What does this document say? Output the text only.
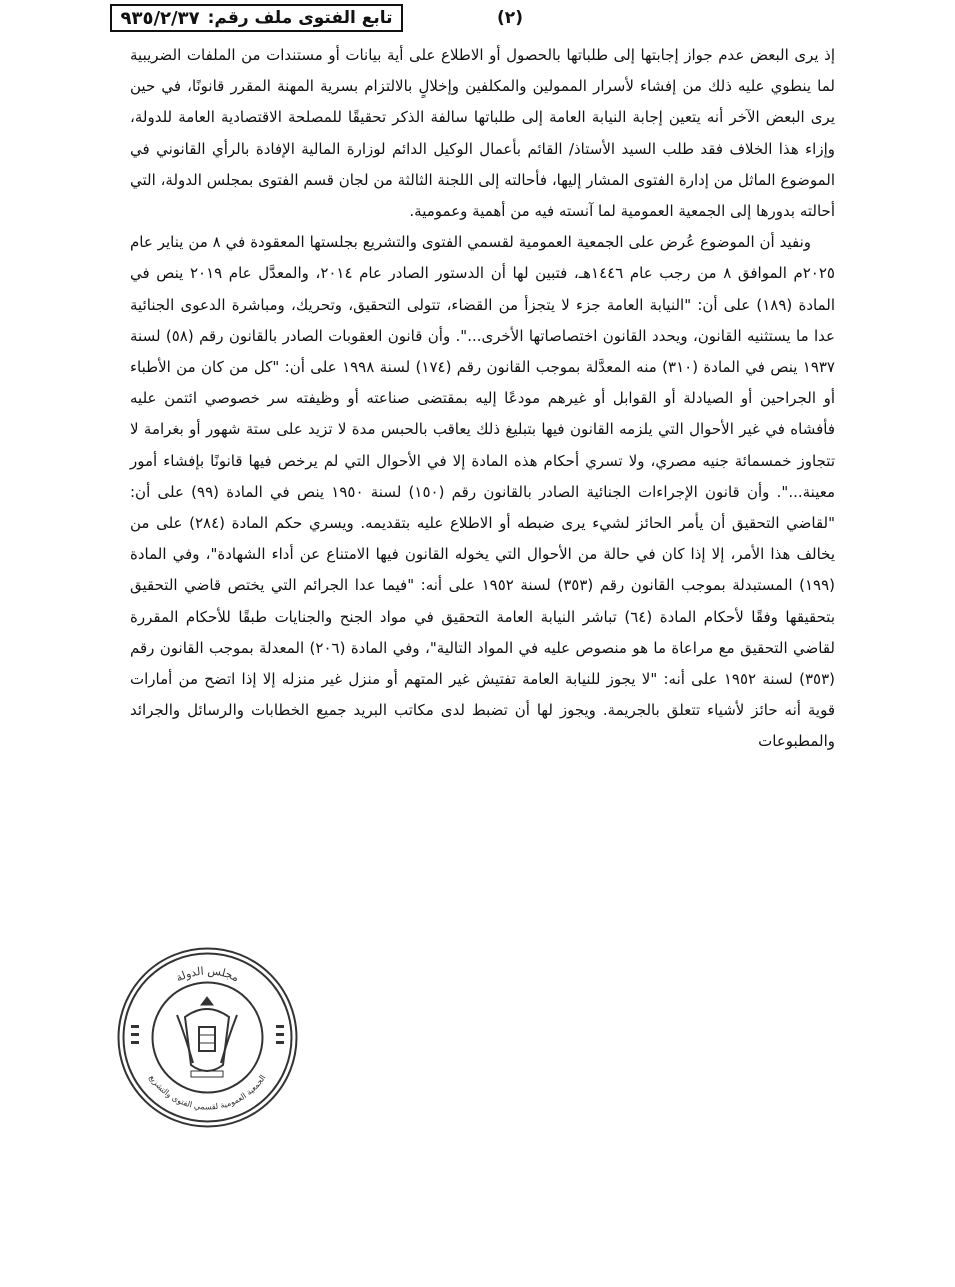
تابع الفتوى ملف رقم:
٩٣٥/٢/٣٧	(٢)

إذ يرى البعض عدم جواز إجابتها إلى طلباتها بالحصول أو الاطلاع على أية بيانات أو مستندات من الملفات الضريبية لما ينطوي عليه ذلك من إفشاء لأسرار الممولين والمكلفين وإخلالٍ بالالتزام بسرية المهنة المقرر قانونًا، في حين يرى البعض الآخر أنه يتعين إجابة النيابة العامة إلى طلباتها سالفة الذكر تحقيقًا للمصلحة الاقتصادية العامة للدولة، وإزاء هذا الخلاف فقد طلب السيد الأستاذ/ القائم بأعمال الوكيل الدائم لوزارة المالية الإفادة بالرأي القانوني في الموضوع الماثل من إدارة الفتوى المشار إليها، فأحالته إلى اللجنة الثالثة من لجان قسم الفتوى بمجلس الدولة، التي أحالته بدورها إلى الجمعية العمومية لما آنسته فيه من أهمية وعمومية.

ونفيد أن الموضوع عُرض على الجمعية العمومية لقسمي الفتوى والتشريع بجلستها المعقودة في ٨ من يناير عام ٢٠٢٥م الموافق ٨ من رجب عام ١٤٤٦هـ، فتبين لها أن الدستور الصادر عام ٢٠١٤، والمعدَّل عام ٢٠١٩ ينص في المادة (١٨٩) على أن: "النيابة العامة جزء لا يتجزأ من القضاء، تتولى التحقيق، وتحريك، ومباشرة الدعوى الجنائية عدا ما يستثنيه القانون، ويحدد القانون اختصاصاتها الأخرى...". وأن قانون العقوبات الصادر بالقانون رقم (٥٨) لسنة ١٩٣٧ ينص في المادة (٣١٠) منه المعدَّلة بموجب القانون رقم (١٧٤) لسنة ١٩٩٨ على أن: "كل من كان من الأطباء أو الجراحين أو الصيادلة أو القوابل أو غيرهم مودعًا إليه بمقتضى صناعته أو وظيفته سر خصوصي ائتمن عليه فأفشاه في غير الأحوال التي يلزمه القانون فيها بتبليغ ذلك يعاقب بالحبس مدة لا تزيد على ستة شهور أو بغرامة لا تتجاوز خمسمائة جنيه مصري، ولا تسري أحكام هذه المادة إلا في الأحوال التي لم يرخص فيها قانونًا بإفشاء أمور معينة...". وأن قانون الإجراءات الجنائية الصادر بالقانون رقم (١٥٠) لسنة ١٩٥٠ ينص في المادة (٩٩) على أن: "لقاضي التحقيق أن يأمر الحائز لشيء يرى ضبطه أو الاطلاع عليه بتقديمه. ويسري حكم المادة (٢٨٤) على من يخالف هذا الأمر، إلا إذا كان في حالة من الأحوال التي يخوله القانون فيها الامتناع عن أداء الشهادة"، وفي المادة (١٩٩) المستبدلة بموجب القانون رقم (٣٥٣) لسنة ١٩٥٢ على أنه: "فيما عدا الجرائم التي يختص قاضي التحقيق بتحقيقها وفقًا لأحكام المادة (٦٤) تباشر النيابة العامة التحقيق في مواد الجنح والجنايات طبقًا للأحكام المقررة لقاضي التحقيق مع مراعاة ما هو منصوص عليه في المواد التالية"، وفي المادة (٢٠٦) المعدلة بموجب القانون رقم (٣٥٣) لسنة ١٩٥٢ على أنه: "لا يجوز للنيابة العامة تفتيش غير المتهم أو منزل غير منزله إلا إذا اتضح من أمارات قوية أنه حائز لأشياء تتعلق بالجريمة. ويجوز لها أن تضبط لدى مكاتب البريد جميع الخطابات والرسائل والجرائد والمطبوعات

مجلس الدولة
الجمعية العمومية لقسمي الفتوى والتشريع
